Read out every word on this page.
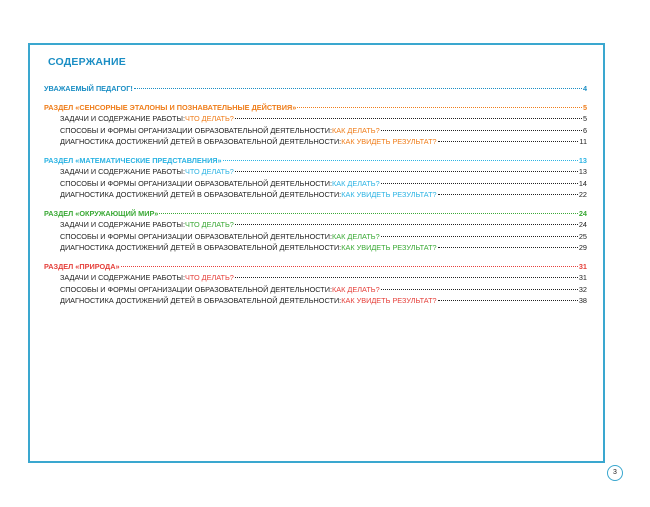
СОДЕРЖАНИЕ
УВАЖАЕМЫЙ ПЕДАГОГ!	4
РАЗДЕЛ «СЕНСОРНЫЕ ЭТАЛОНЫ И ПОЗНАВАТЕЛЬНЫЕ ДЕЙСТВИЯ»	5
ЗАДАЧИ И СОДЕРЖАНИЕ РАБОТЫ: ЧТО ДЕЛАТЬ?	5
СПОСОБЫ И ФОРМЫ ОРГАНИЗАЦИИ ОБРАЗОВАТЕЛЬНОЙ ДЕЯТЕЛЬНОСТИ: КАК ДЕЛАТЬ?	6
ДИАГНОСТИКА ДОСТИЖЕНИЙ ДЕТЕЙ В ОБРАЗОВАТЕЛЬНОЙ ДЕЯТЕЛЬНОСТИ: КАК УВИДЕТЬ РЕЗУЛЬТАТ?	11
РАЗДЕЛ «МАТЕМАТИЧЕСКИЕ ПРЕДСТАВЛЕНИЯ»	13
ЗАДАЧИ И СОДЕРЖАНИЕ РАБОТЫ: ЧТО ДЕЛАТЬ?	13
СПОСОБЫ И ФОРМЫ ОРГАНИЗАЦИИ ОБРАЗОВАТЕЛЬНОЙ ДЕЯТЕЛЬНОСТИ: КАК ДЕЛАТЬ?	14
ДИАГНОСТИКА ДОСТИЖЕНИЙ ДЕТЕЙ В ОБРАЗОВАТЕЛЬНОЙ ДЕЯТЕЛЬНОСТИ: КАК УВИДЕТЬ РЕЗУЛЬТАТ?	22
РАЗДЕЛ «ОКРУЖАЮЩИЙ МИР»	24
ЗАДАЧИ И СОДЕРЖАНИЕ РАБОТЫ: ЧТО ДЕЛАТЬ?	24
СПОСОБЫ И ФОРМЫ ОРГАНИЗАЦИИ ОБРАЗОВАТЕЛЬНОЙ ДЕЯТЕЛЬНОСТИ: КАК ДЕЛАТЬ?	25
ДИАГНОСТИКА ДОСТИЖЕНИЙ ДЕТЕЙ В ОБРАЗОВАТЕЛЬНОЙ ДЕЯТЕЛЬНОСТИ: КАК УВИДЕТЬ РЕЗУЛЬТАТ?	29
РАЗДЕЛ «ПРИРОДА»	31
ЗАДАЧИ И СОДЕРЖАНИЕ РАБОТЫ: ЧТО ДЕЛАТЬ?	31
СПОСОБЫ И ФОРМЫ ОРГАНИЗАЦИИ ОБРАЗОВАТЕЛЬНОЙ ДЕЯТЕЛЬНОСТИ: КАК ДЕЛАТЬ?	32
ДИАГНОСТИКА ДОСТИЖЕНИЙ ДЕТЕЙ В ОБРАЗОВАТЕЛЬНОЙ ДЕЯТЕЛЬНОСТИ: КАК УВИДЕТЬ РЕЗУЛЬТАТ?	38
3
